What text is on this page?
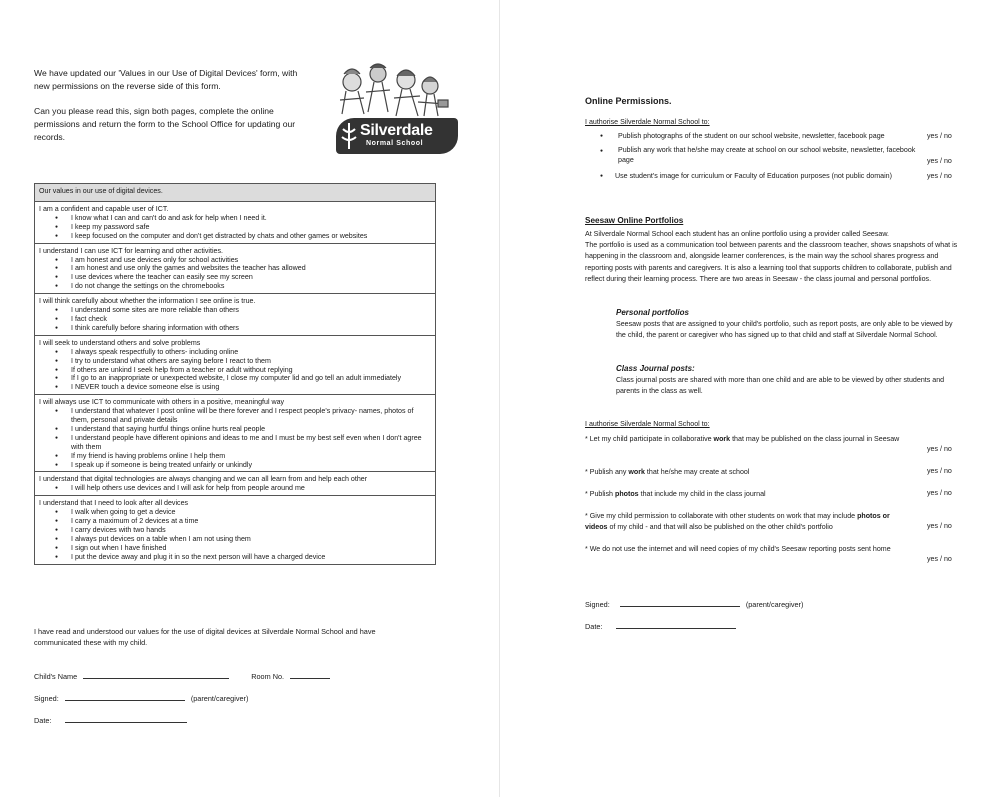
We have updated our 'Values in our Use of Digital Devices' form, with new permissions on the reverse side of this form.

Can you please read this, sign both pages, complete the online permissions and return the form to the School Office for updating our records.	Silverdale
Normal School
Our values in our use of digital devices.
I am a confident and capable user of ICT.
● I know what I can and can't do and ask for help when I need it.
● I keep my password safe
● I keep focused on the computer and don't get distracted by chats and other games or websites
I understand I can use ICT for learning and other activities.
● I am honest and use devices only for school activities
● I am honest and use only the games and websites the teacher has allowed
● I use devices where the teacher can easily see my screen
● I do not change the settings on the chromebooks
I will think carefully about whether the information I see online is true.
● I understand some sites are more reliable than others
● I fact check
● I think carefully before sharing information with others
I will seek to understand others and solve problems
● I always speak respectfully to others- including online
● I try to understand what others are saying before I react to them
● If others are unkind I seek help from a teacher or adult without replying
● If I go to an inappropriate or unexpected website, I close my computer lid and go tell an adult immediately
● I NEVER touch a device someone else is using
I will always use ICT to communicate with others in a positive, meaningful way
● I understand that whatever I post online will be there forever and I respect people's privacy- names, photos of them, personal and private details
● I understand that saying hurtful things online hurts real people
● I understand people have different opinions and ideas to me and I must be my best self even when I don't agree with them
● If my friend is having problems online I help them
● I speak up if someone is being treated unfairly or unkindly
I understand that digital technologies are always changing and we can all learn from and help each other
● I will help others use devices and I will ask for help from people around me
I understand that I need to look after all devices
● I walk when going to get a device
● I carry a maximum of 2 devices at a time
● I carry devices with two hands
● I always put devices on a table when I am not using them
● I sign out when I have finished
● I put the device away and plug it in so the next person will have a charged device
I have read and understood our values for the use of digital devices at Silverdale Normal School and have communicated these with my child.
Child's Name	Room No.
Signed:	(parent/caregiver)
Date:
Online Permissions.
I authorise Silverdale Normal School to:
● Publish photographs of the student on our school website, newsletter, facebook page	yes / no
● Publish any work that he/she may create at school on our school website, newsletter, facebook page	yes / no
● Use student's image for curriculum or Faculty of Education purposes (not public domain)	yes / no
Seesaw Online Portfolios
At Silverdale Normal School each student has an online portfolio using a provider called Seesaw.
The portfolio is used as a communication tool between parents and the classroom teacher, shows snapshots of what is happening in the classroom and, alongside learner conferences, is the main way the school shares progress and reporting posts with parents and caregivers. It is also a learning tool that supports children to collaborate, publish and reflect during their learning process. There are two areas in Seesaw - the class journal and personal portfolios.
Personal portfolios
Seesaw posts that are assigned to your child's portfolio, such as report posts, are only able to be viewed by the child, the parent or caregiver who has signed up to that child and staff at Silverdale Normal School.
Class Journal posts:
Class journal posts are shared with more than one child and are able to be viewed by other students and parents in the class as well.
I authorise Silverdale Normal School to:
* Let my child participate in collaborative work that may be published on the class journal in Seesaw
yes / no
* Publish any work that he/she may create at school	yes / no
* Publish photos that include my child in the class journal	yes / no
* Give my child permission to collaborate with other students on work that may include photos or videos of my child - and that will also be published on the other child's portfolio	yes / no
* We do not use the internet and will need copies of my child's Seesaw reporting posts sent home
yes / no
Signed:	(parent/caregiver)
Date:
